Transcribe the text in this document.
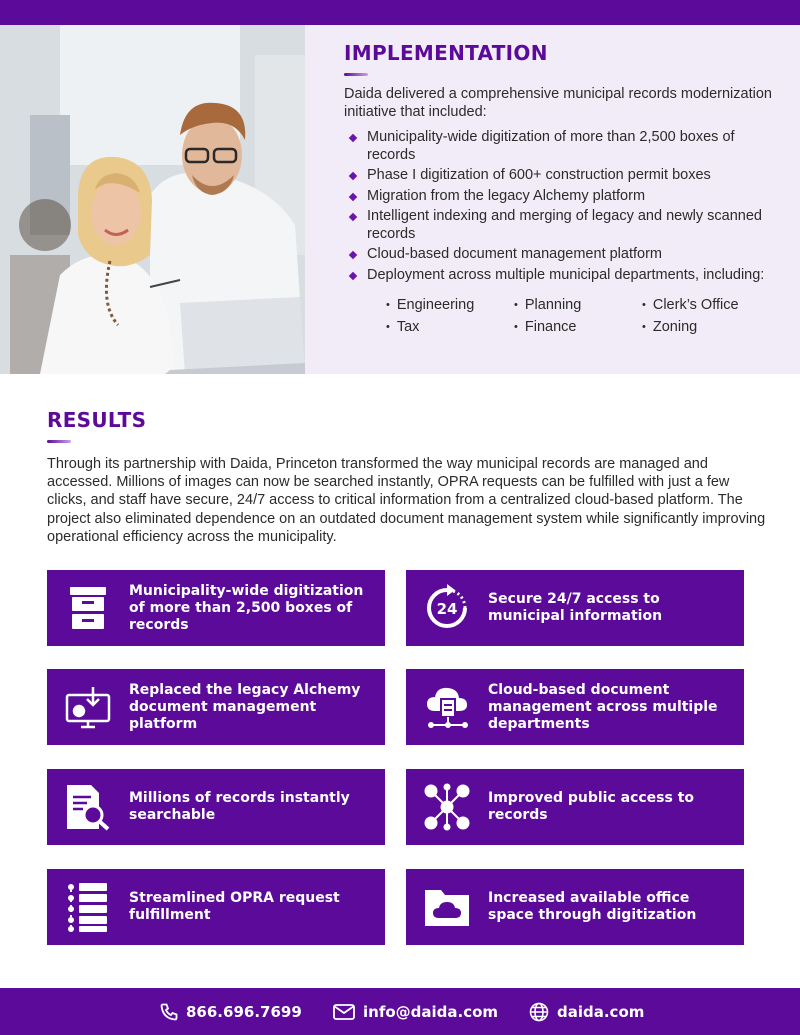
IMPLEMENTATION

Daida delivered a comprehensive municipal records modernization initiative that included:

Municipality-wide digitization of more than 2,500 boxes of records
Phase I digitization of 600+ construction permit boxes
Migration from the legacy Alchemy platform
Intelligent indexing and merging of legacy and newly scanned records
Cloud-based document management platform
Deployment across multiple municipal departments, including:
• Engineering	• Planning	• Clerk’s Office
• Tax	• Finance	• Zoning
RESULTS

Through its partnership with Daida, Princeton transformed the way municipal records are managed and accessed. Millions of images can now be searched instantly, OPRA requests can be fulfilled with just a few clicks, and staff have secure, 24/7 access to critical information from a centralized cloud-based platform. The project also eliminated dependence on an outdated document management system while significantly improving operational efficiency across the municipality.

Municipality-wide digitization of more than 2,500 boxes of records
24
Secure 24/7 access to municipal information
Replaced the legacy Alchemy document management platform
Cloud-based document management across multiple departments
Millions of records instantly searchable
Improved public access to records
Streamlined OPRA request fulfillment
Increased available office space through digitization
866.696.7699	info@daida.com	daida.com
